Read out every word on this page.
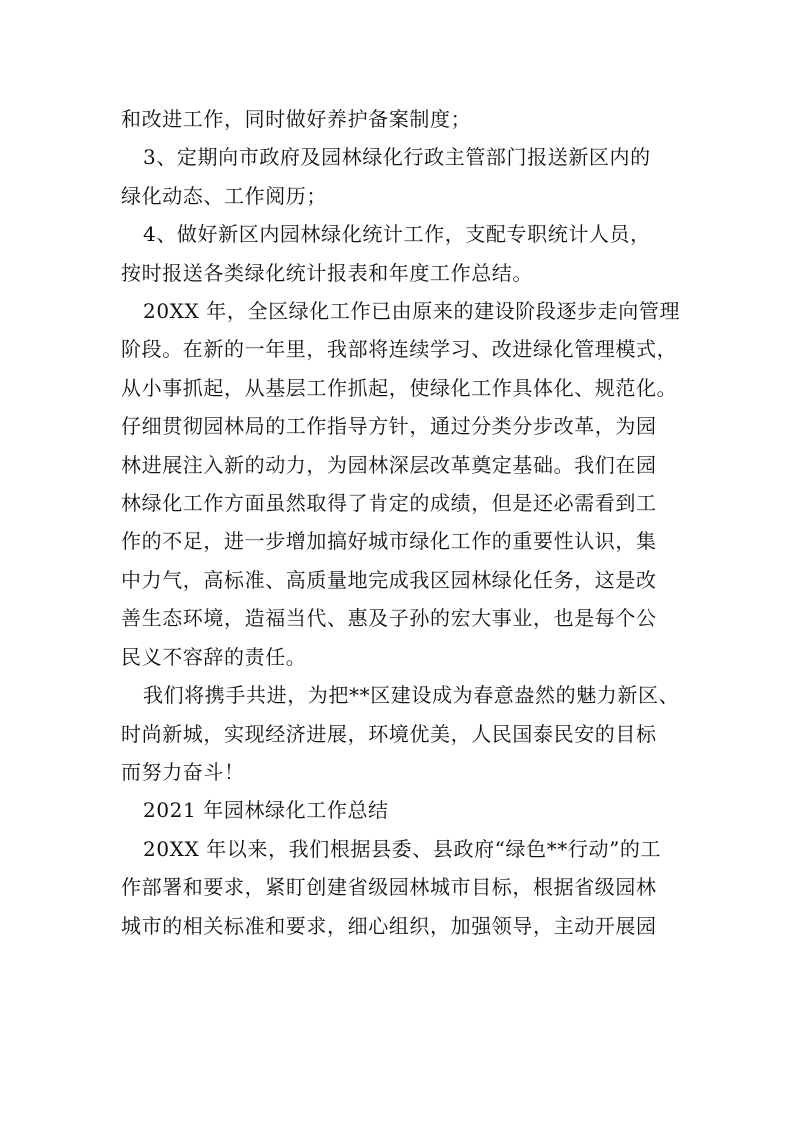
和改进工作，同时做好养护备案制度；
3、定期向市政府及园林绿化行政主管部门报送新区内的
绿化动态、工作阅历；
4、做好新区内园林绿化统计工作，支配专职统计人员，
按时报送各类绿化统计报表和年度工作总结。
20XX 年，全区绿化工作已由原来的建设阶段逐步走向管理
阶段。在新的一年里，我部将连续学习、改进绿化管理模式，
从小事抓起，从基层工作抓起，使绿化工作具体化、规范化。
仔细贯彻园林局的工作指导方针，通过分类分步改革，为园
林进展注入新的动力，为园林深层改革奠定基础。我们在园
林绿化工作方面虽然取得了肯定的成绩，但是还必需看到工
作的不足，进一步增加搞好城市绿化工作的重要性认识，集
中力气，高标准、高质量地完成我区园林绿化任务，这是改
善生态环境，造福当代、惠及子孙的宏大事业，也是每个公
民义不容辞的责任。
我们将携手共进，为把**区建设成为春意盎然的魅力新区、
时尚新城，实现经济进展，环境优美，人民国泰民安的目标
而努力奋斗！
2021 年园林绿化工作总结
20XX 年以来，我们根据县委、县政府“绿色**行动”的工
作部署和要求，紧盯创建省级园林城市目标，根据省级园林
城市的相关标准和要求，细心组织，加强领导，主动开展园
